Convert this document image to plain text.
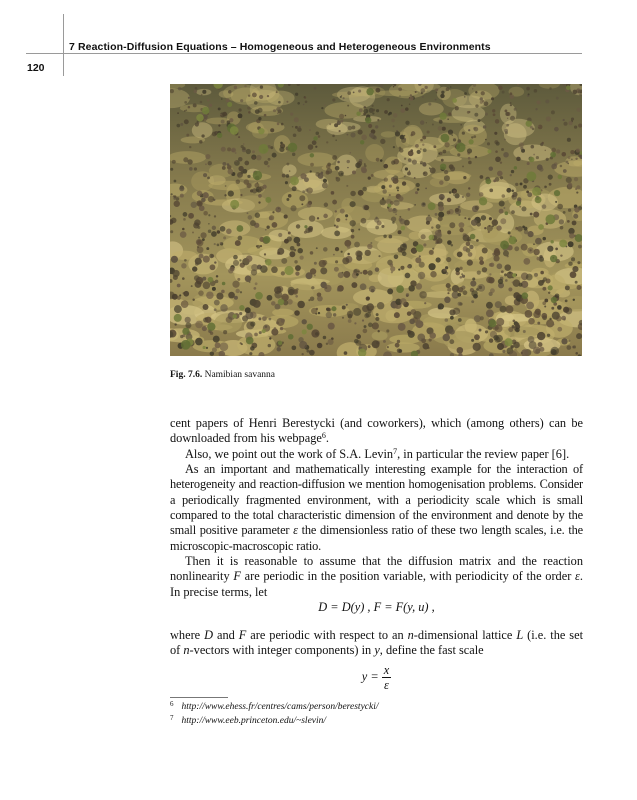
7 Reaction-Diffusion Equations – Homogeneous and Heterogeneous Environments
120
Fig. 7.6. Namibian savanna

cent papers of Henri Berestycki (and coworkers), which (among others) can be downloaded from his webpage$^6$.

Also, we point out the work of S.A. Levin$^7$, in particular the review paper [6].

As an important and mathematically interesting example for the interaction of heterogeneity and reaction-diffusion we mention homogenisation problems. Consider a periodically fragmented environment, with a periodicity scale which is small compared to the total characteristic dimension of the environment and denote by the small positive parameter ε the dimensionless ratio of these two length scales, i.e. the microscopic-macroscopic ratio.

Then it is reasonable to assume that the diffusion matrix and the reaction nonlinearity F are periodic in the position variable, with periodicity of the order ε. In precise terms, let

D = D(y) , F = F(y, u) ,
where D and F are periodic with respect to an n-dimensional lattice L (i.e. the set of n-vectors with integer components) in y, define the fast scale
$y = \frac{x}{\varepsilon}$
$^6$ http://www.ehess.fr/centres/cams/person/berestycki/
$^7$ http://www.eeb.princeton.edu/~slevin/
